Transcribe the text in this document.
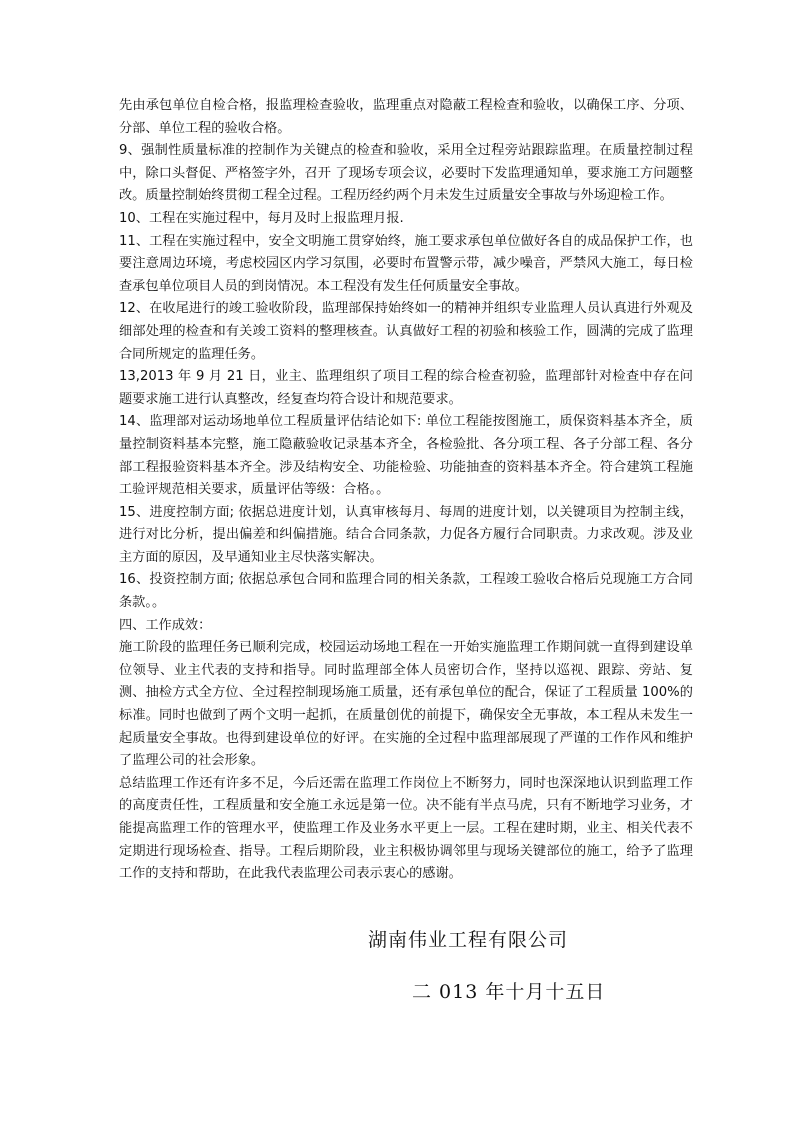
先由承包单位自检合格，报监理检查验收，监理重点对隐蔽工程检查和验收，以确保工序、分项、分部、单位工程的验收合格。

9、强制性质量标准的控制作为关键点的检查和验收，采用全过程旁站跟踪监理。在质量控制过程中，除口头督促、严格签字外，召开 了现场专项会议，必要时下发监理通知单，要求施工方问题整改。质量控制始终贯彻工程全过程。工程历经约两个月未发生过质量安全事故与外场迎检工作。

10、工程在实施过程中，每月及时上报监理月报.

11、工程在实施过程中，安全文明施工贯穿始终，施工要求承包单位做好各自的成品保护工作，也要注意周边环境，考虑校园区内学习氛围，必要时布置警示带，减少噪音，严禁风大施工，每日检查承包单位项目人员的到岗情况。本工程没有发生任何质量安全事故。

12、在收尾进行的竣工验收阶段，监理部保持始终如一的精神并组织专业监理人员认真进行外观及细部处理的检查和有关竣工资料的整理核查。认真做好工程的初验和核验工作，圆满的完成了监理合同所规定的监理任务。

13,2013 年 9 月 21 日，业主、监理组织了项目工程的综合检查初验，监理部针对检查中存在问题要求施工进行认真整改，经复查均符合设计和规范要求。

14、监理部对运动场地单位工程质量评估结论如下: 单位工程能按图施工，质保资料基本齐全，质量控制资料基本完整，施工隐蔽验收记录基本齐全，各检验批、各分项工程、各子分部工程、各分部工程报验资料基本齐全。涉及结构安全、功能检验、功能抽查的资料基本齐全。符合建筑工程施工验评规范相关要求，质量评估等级：合格。。

15、进度控制方面; 依据总进度计划，认真审核每月、每周的进度计划，以关键项目为控制主线，进行对比分析，提出偏差和纠偏措施。结合合同条款，力促各方履行合同职责。力求改观。涉及业主方面的原因，及早通知业主尽快落实解决。

16、投资控制方面; 依据总承包合同和监理合同的相关条款，工程竣工验收合格后兑现施工方合同条款。。

四、工作成效：

施工阶段的监理任务已顺利完成，校园运动场地工程在一开始实施监理工作期间就一直得到建设单位领导、业主代表的支持和指导。同时监理部全体人员密切合作，坚持以巡视、跟踪、旁站、复测、抽检方式全方位、全过程控制现场施工质量，还有承包单位的配合，保证了工程质量 100%的标准。同时也做到了两个文明一起抓，在质量创优的前提下，确保安全无事故，本工程从未发生一起质量安全事故。也得到建设单位的好评。在实施的全过程中监理部展现了严谨的工作作风和维护了监理公司的社会形象。

总结监理工作还有许多不足，今后还需在监理工作岗位上不断努力，同时也深深地认识到监理工作的高度责任性，工程质量和安全施工永远是第一位。决不能有半点马虎，只有不断地学习业务，才能提高监理工作的管理水平，使监理工作及业务水平更上一层。工程在建时期，业主、相关代表不定期进行现场检查、指导。工程后期阶段，业主积极协调邻里与现场关键部位的施工，给予了监理工作的支持和帮助，在此我代表监理公司表示衷心的感谢。

湖南伟业工程有限公司
二 013 年十月十五日
